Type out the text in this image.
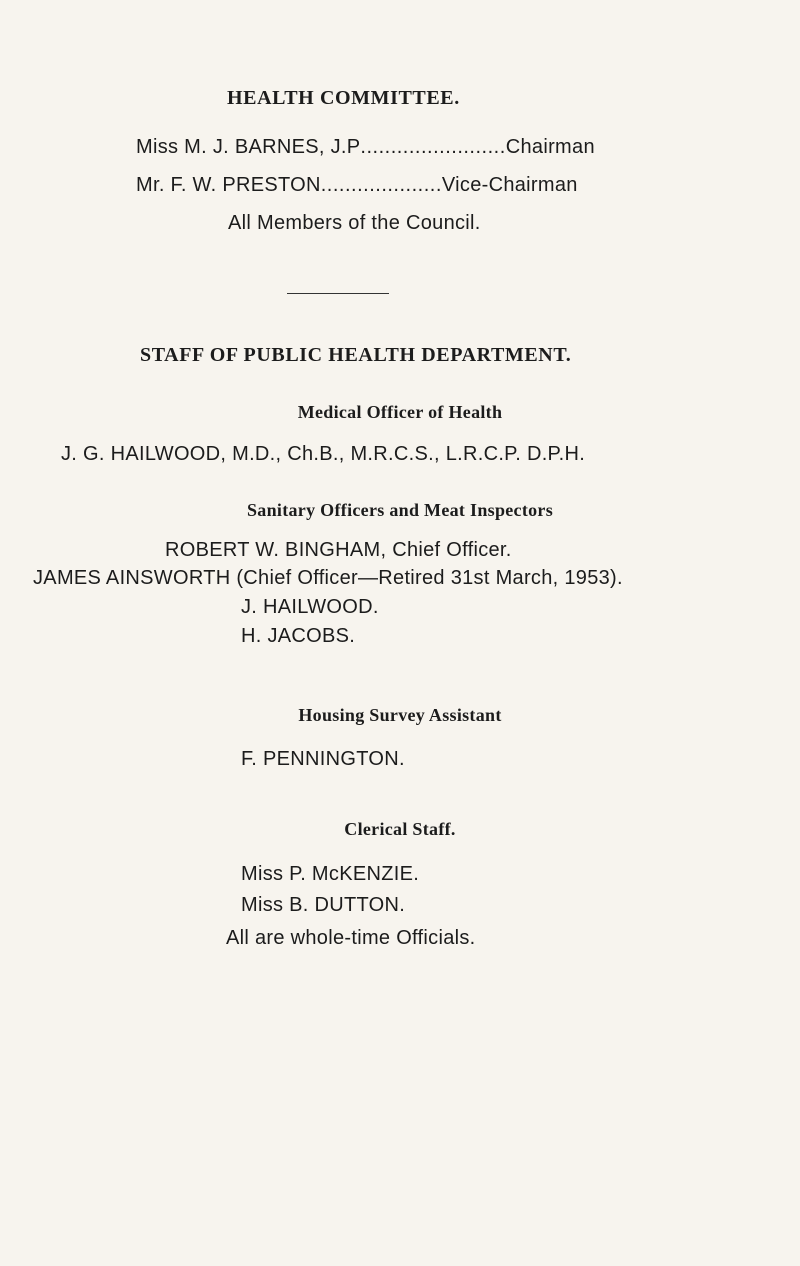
HEALTH COMMITTEE.
Miss M. J. BARNES, J.P........................Chairman
Mr. F. W. PRESTON....................Vice-Chairman
All Members of the Council.
STAFF OF PUBLIC HEALTH DEPARTMENT.
Medical Officer of Health
J. G. HAILWOOD, M.D., Ch.B., M.R.C.S., L.R.C.P. D.P.H.
Sanitary Officers and Meat Inspectors
ROBERT W. BINGHAM, Chief Officer.
JAMES AINSWORTH (Chief Officer—Retired 31st March, 1953).
J. HAILWOOD.
H. JACOBS.
Housing Survey Assistant
F. PENNINGTON.
Clerical Staff.
Miss P. McKENZIE.
Miss B. DUTTON.
All are whole-time Officials.
